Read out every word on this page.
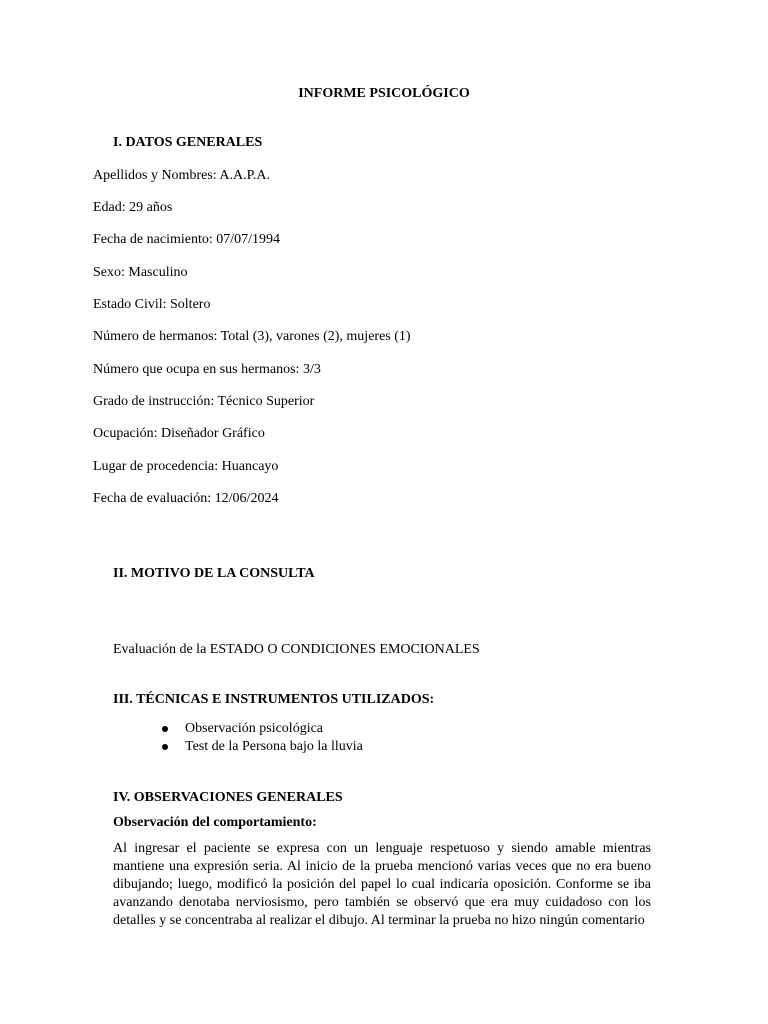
INFORME PSICOLÓGICO
I. DATOS GENERALES
Apellidos y Nombres: A.A.P.A.
Edad: 29 años
Fecha de nacimiento: 07/07/1994
Sexo: Masculino
Estado Civil: Soltero
Número de hermanos: Total (3), varones (2), mujeres (1)
Número que ocupa en sus hermanos: 3/3
Grado de instrucción: Técnico Superior
Ocupación: Diseñador Gráfico
Lugar de procedencia: Huancayo
Fecha de evaluación: 12/06/2024
II. MOTIVO DE LA CONSULTA
Evaluación de la ESTADO O CONDICIONES EMOCIONALES
III. TÉCNICAS E INSTRUMENTOS UTILIZADOS:
Observación psicológica
Test de la Persona bajo la lluvia
IV. OBSERVACIONES GENERALES
Observación del comportamiento:

Al ingresar el paciente se expresa con un lenguaje respetuoso y siendo amable mientras mantiene una expresión seria. Al inicio de la prueba mencionó varias veces que no era bueno dibujando; luego, modificó la posición del papel lo cual indicaría oposición. Conforme se iba avanzando denotaba nerviosismo, pero también se observó que era muy cuidadoso con los detalles y se concentraba al realizar el dibujo. Al terminar la prueba no hizo ningún comentario
